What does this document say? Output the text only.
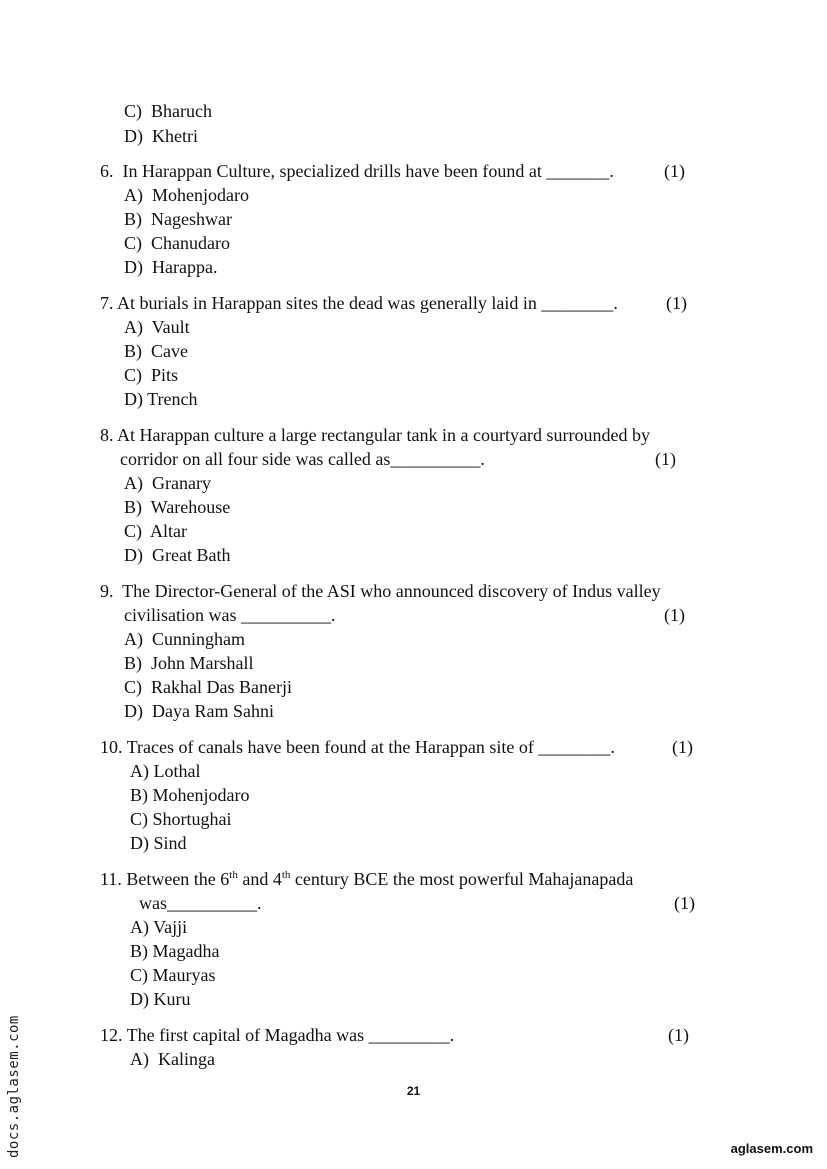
C)  Bharuch
D)  Khetri
6.  In Harappan Culture, specialized drills have been found at _______.	(1)
A)  Mohenjodaro
B)  Nageshwar
C)  Chanudaro
D)  Harappa.
7. At burials in Harappan sites the dead was generally laid in ________.	(1)
A)  Vault
B)  Cave
C)  Pits
D) Trench
8. At Harappan culture a large rectangular tank in a courtyard surrounded by
corridor on all four side was called as__________.	(1)
A)  Granary
B)  Warehouse
C)  Altar
D)  Great Bath
9.  The Director-General of the ASI who announced discovery of Indus valley
civilisation was __________.	(1)
A)  Cunningham
B)  John Marshall
C)  Rakhal Das Banerji
D)  Daya Ram Sahni
10. Traces of canals have been found at the Harappan site of ________.	(1)
A) Lothal
B) Mohenjodaro
C) Shortughai
D) Sind
11. Between the 6th and 4th century BCE the most powerful Mahajanapada
was__________.	(1)
A) Vajji
B) Magadha
C) Mauryas
D) Kuru
12. The first capital of Magadha was _________.	(1)
A)  Kalinga
21
aglasem.com
docs.aglasem.com
